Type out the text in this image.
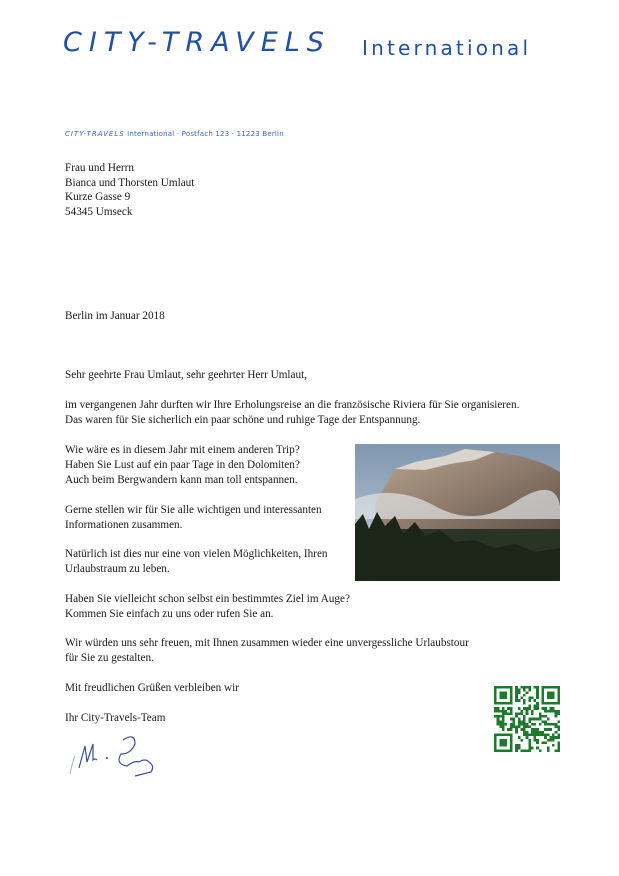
CITY-TRAVELS International
CITY-TRAVELS International · Postfach 123 · 11223 Berlin
Frau und Herrn
Bianca und Thorsten Umlaut
Kurze Gasse 9
54345 Umseck
Berlin im Januar 2018
Sehr geehrte Frau Umlaut, sehr geehrter Herr Umlaut,
im vergangenen Jahr durften wir Ihre Erholungsreise an die französische Riviera für Sie organisieren.
Das waren für Sie sicherlich ein paar schöne und ruhige Tage der Entspannung.
Wie wäre es in diesem Jahr mit einem anderen Trip?
Haben Sie Lust auf ein paar Tage in den Dolomiten?
Auch beim Bergwandern kann man toll entspannen.
Gerne stellen wir für Sie alle wichtigen und interessanten
Informationen zusammen.
Natürlich ist dies nur eine von vielen Möglichkeiten, Ihren
Urlaubstraum zu leben.
Haben Sie vielleicht schon selbst ein bestimmtes Ziel im Auge?
Kommen Sie einfach zu uns oder rufen Sie an.
Wir würden uns sehr freuen, mit Ihnen zusammen wieder eine unvergessliche Urlaubstour
für Sie zu gestalten.
Mit freudlichen Grüßen verbleiben wir
Ihr City-Travels-Team
